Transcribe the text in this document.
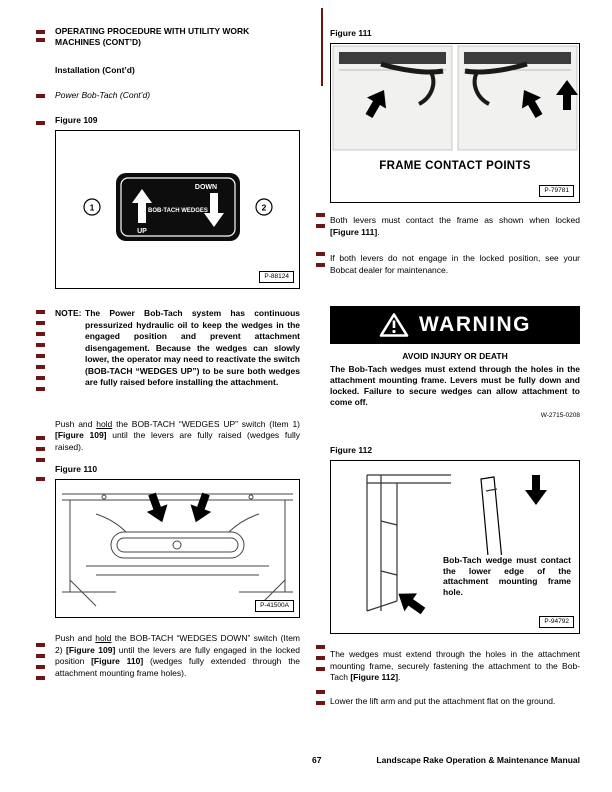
OPERATING PROCEDURE WITH UTILITY WORK
MACHINES (CONT’D)
Installation (Cont’d)
Power Bob-Tach (Cont’d)
Figure 109
DOWN
BOB-TACH WEDGES
UP
1	2
P-88124
NOTE: The Power Bob-Tach system has continuous pressurized hydraulic oil to keep the wedges in the engaged position and prevent attachment disengagement. Because the wedges can slowly lower, the operator may need to reactivate the switch (BOB-TACH “WEDGES UP”) to be sure both wedges are fully raised before installing the attachment.
Push and hold the BOB-TACH “WEDGES UP” switch (Item 1) [Figure 109] until the levers are fully raised (wedges fully raised).
Figure 110
P-41500A
Push and hold the BOB-TACH “WEDGES DOWN” switch (Item 2) [Figure 109] until the levers are fully engaged in the locked position [Figure 110] (wedges fully extended through the attachment mounting frame holes).
Figure 111
FRAME CONTACT POINTS
P-79781
Both levers must contact the frame as shown when locked [Figure 111].
If both levers do not engage in the locked position, see your Bobcat dealer for maintenance.
WARNING
AVOID INJURY OR DEATH
The Bob-Tach wedges must extend through the holes in the attachment mounting frame. Levers must be fully down and locked. Failure to secure wedges can allow attachment to come off.
W-2715-0208
Figure 112
Bob-Tach wedge must contact the lower edge of the attachment mounting frame hole.
P-94792
The wedges must extend through the holes in the attachment mounting frame, securely fastening the attachment to the Bob-Tach [Figure 112].
Lower the lift arm and put the attachment flat on the ground.
67	Landscape Rake Operation & Maintenance Manual
